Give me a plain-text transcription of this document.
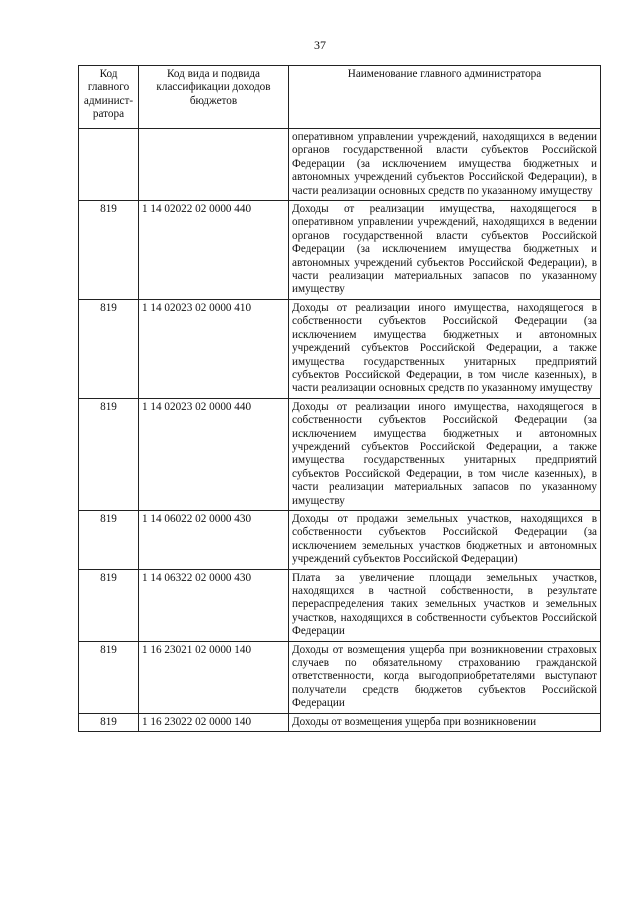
37
Код главного админист-ратора	Код вида и подвида классификации доходов бюджетов	Наименование главного администратора
		оперативном управлении учреждений, находящихся в ведении органов государственной власти субъектов Российской Федерации (за исключением имущества бюджетных и автономных учреждений субъектов Российской Федерации), в части реализации основных средств по указанному имуществу
819	1 14 02022 02 0000 440	Доходы от реализации имущества, находящегося в оперативном управлении учреждений, находящихся в ведении органов государственной власти субъектов Российской Федерации (за исключением имущества бюджетных и автономных учреждений субъектов Российской Федерации), в части реализации материальных запасов по указанному имуществу
819	1 14 02023 02 0000 410	Доходы от реализации иного имущества, находящегося в собственности субъектов Российской Федерации (за исключением имущества бюджетных и автономных учреждений субъектов Российской Федерации, а также имущества государственных унитарных предприятий субъектов Российской Федерации, в том числе казенных), в части реализации основных средств по указанному имуществу
819	1 14 02023 02 0000 440	Доходы от реализации иного имущества, находящегося в собственности субъектов Российской Федерации (за исключением имущества бюджетных и автономных учреждений субъектов Российской Федерации, а также имущества государственных унитарных предприятий субъектов Российской Федерации, в том числе казенных), в части реализации материальных запасов по указанному имуществу
819	1 14 06022 02 0000 430	Доходы от продажи земельных участков, находящихся в собственности субъектов Российской Федерации (за исключением земельных участков бюджетных и автономных учреждений субъектов Российской Федерации)
819	1 14 06322 02 0000 430	Плата за увеличение площади земельных участков, находящихся в частной собственности, в результате перераспределения таких земельных участков и земельных участков, находящихся в собственности субъектов Российской Федерации
819	1 16 23021 02 0000 140	Доходы от возмещения ущерба при возникновении страховых случаев по обязательному страхованию гражданской ответственности, когда выгодоприобретателями выступают получатели средств бюджетов субъектов Российской Федерации
819	1 16 23022 02 0000 140	Доходы от возмещения ущерба при возникновении
